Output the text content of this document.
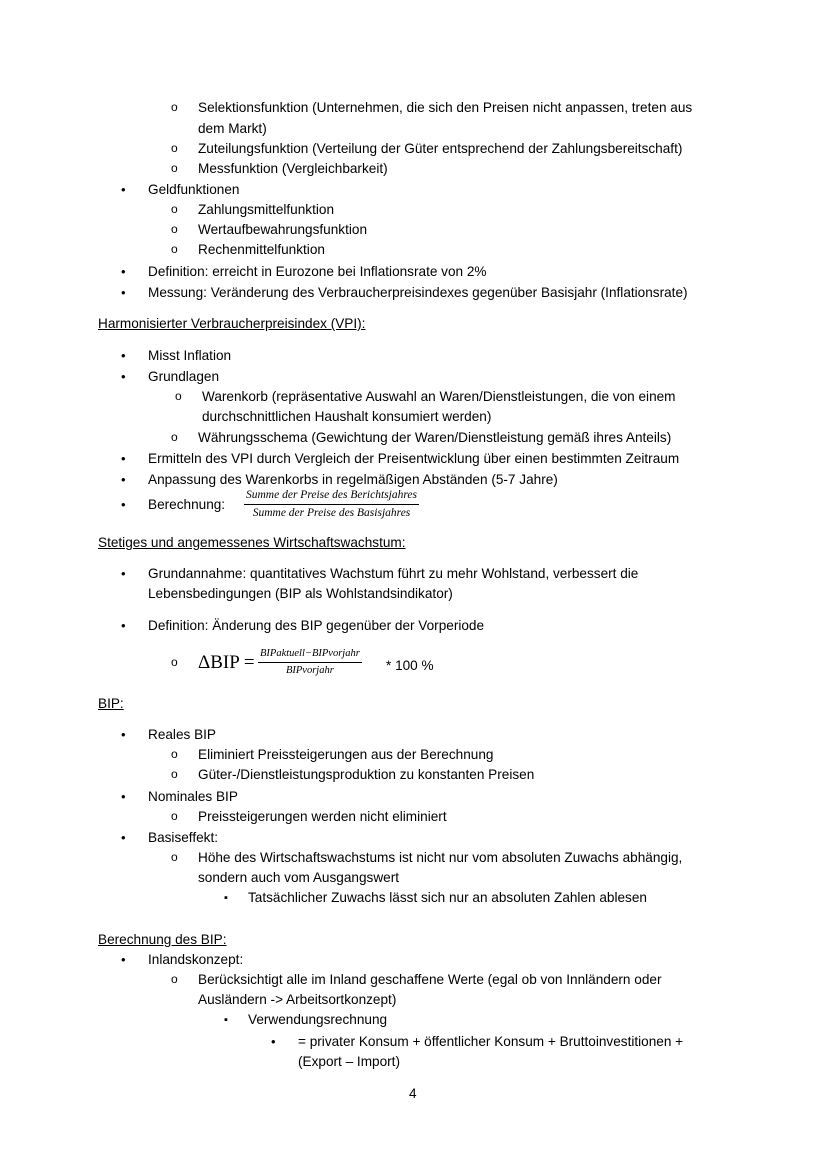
o Selektionsfunktion (Unternehmen, die sich den Preisen nicht anpassen, treten aus
dem Markt)
o Zuteilungsfunktion (Verteilung der Güter entsprechend der Zahlungsbereitschaft)
o Messfunktion (Vergleichbarkeit)
• Geldfunktionen
o Zahlungsmittelfunktion
o Wertaufbewahrungsfunktion
o Rechenmittelfunktion
• Definition: erreicht in Eurozone bei Inflationsrate von 2%
• Messung: Veränderung des Verbraucherpreisindexes gegenüber Basisjahr (Inflationsrate)
Harmonisierter Verbraucherpreisindex (VPI):
• Misst Inflation
• Grundlagen
o Warenkorb (repräsentative Auswahl an Waren/Dienstleistungen, die von einem
durchschnittlichen Haushalt konsumiert werden)
o Währungsschema (Gewichtung der Waren/Dienstleistung gemäß ihres Anteils)
• Ermitteln des VPI durch Vergleich der Preisentwicklung über einen bestimmten Zeitraum
• Anpassung des Warenkorbs in regelmäßigen Abständen (5-7 Jahre)
• Berechnung:
Summe der Preise des Berichtsjahres
Summe der Preise des Basisjahres
Stetiges und angemessenes Wirtschaftswachstum:
• Grundannahme: quantitatives Wachstum führt zu mehr Wohlstand, verbessert die
Lebensbedingungen (BIP als Wohlstandsindikator)
• Definition: Änderung des BIP gegenüber der Vorperiode
o ΔBIP = BIPaktuell−BIPvorjahr
BIPvorjahr	* 100 %
BIP:
• Reales BIP
o Eliminiert Preissteigerungen aus der Berechnung
o Güter-/Dienstleistungsproduktion zu konstanten Preisen
• Nominales BIP
o Preissteigerungen werden nicht eliminiert
• Basiseffekt:
o Höhe des Wirtschaftswachstums ist nicht nur vom absoluten Zuwachs abhängig,
sondern auch vom Ausgangswert
▪ Tatsächlicher Zuwachs lässt sich nur an absoluten Zahlen ablesen
Berechnung des BIP:
• Inlandskonzept:
o Berücksichtigt alle im Inland geschaffene Werte (egal ob von Innländern oder
Ausländern -> Arbeitsortkonzept)
▪ Verwendungsrechnung
• = privater Konsum + öffentlicher Konsum + Bruttoinvestitionen +
(Export – Import)
4
